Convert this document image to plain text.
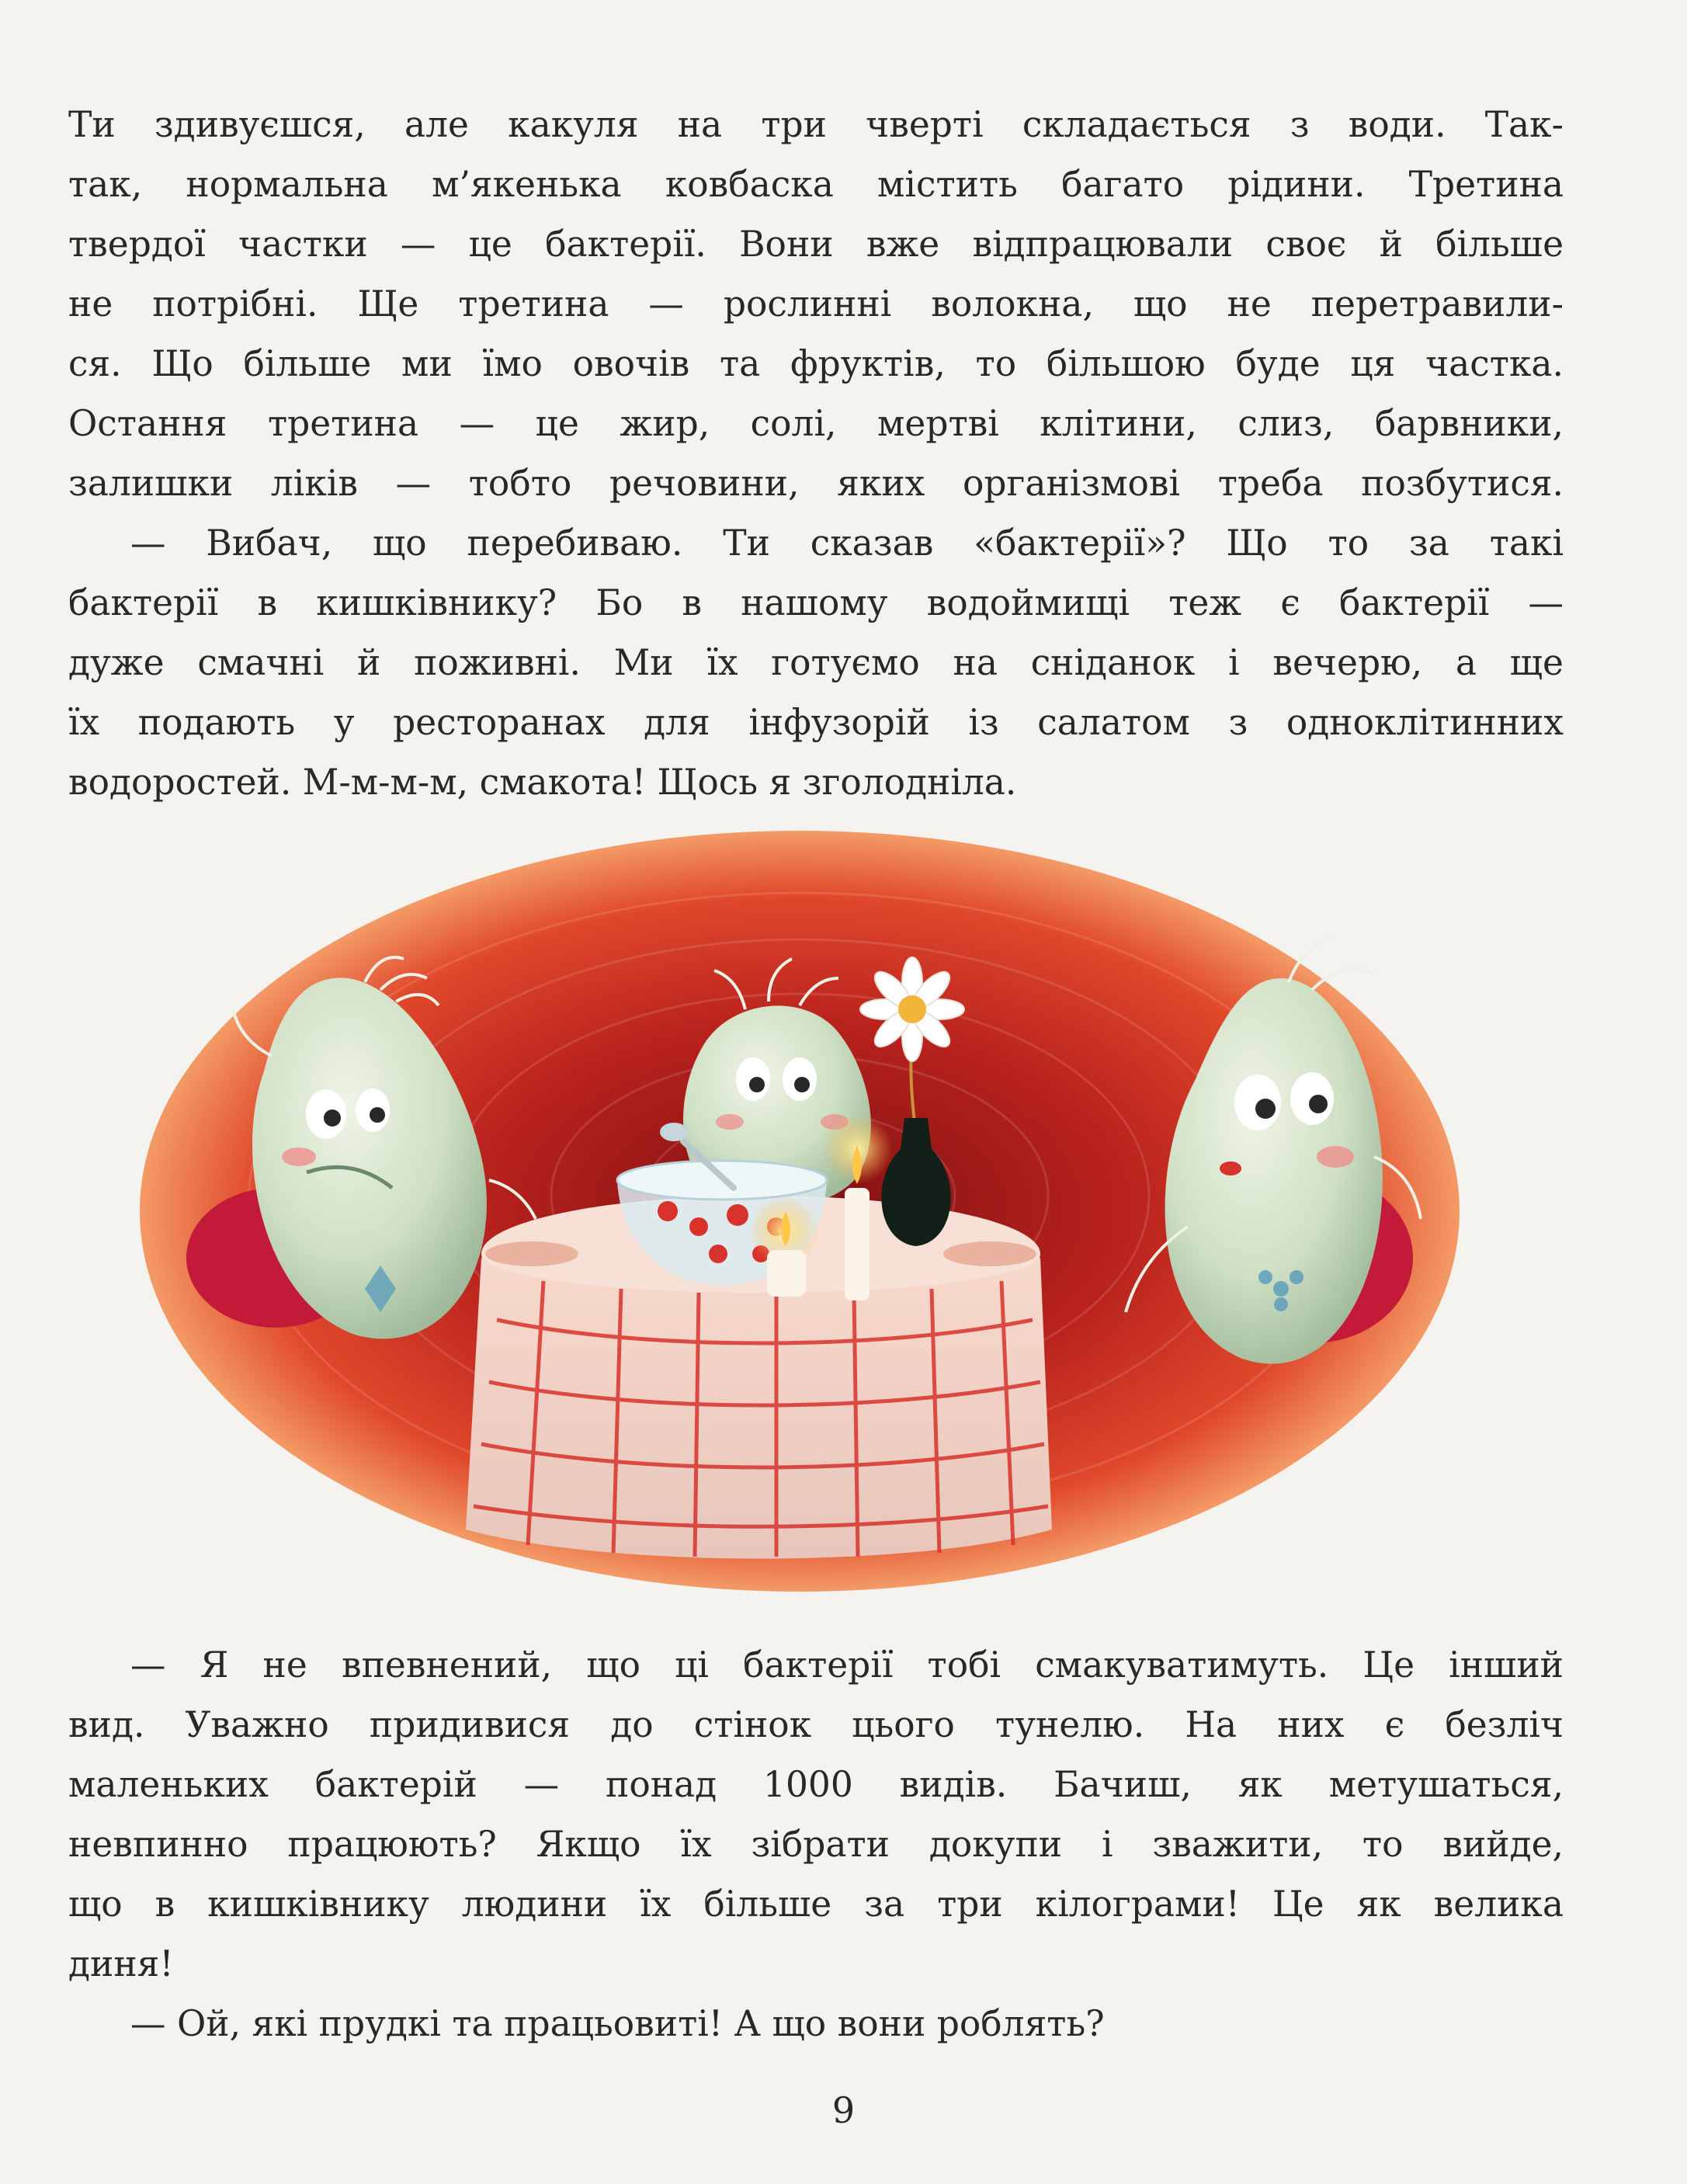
Ти здивуєшся, але какуля на три чверті складається з води. Так-
так, нормальна м’якенька ковбаска містить багато рідини. Третина
твердої частки — це бактерії. Вони вже відпрацювали своє й більше
не потрібні. Ще третина — рослинні волокна, що не перетравили-
ся. Що більше ми їмо овочів та фруктів, то більшою буде ця частка.
Остання третина — це жир, солі, мертві клітини, слиз, барвники,
залишки ліків — тобто речовини, яких організмові треба позбутися.
— Вибач, що перебиваю. Ти сказав «бактерії»? Що то за такі
бактерії в кишківнику? Бо в нашому водоймищі теж є бактерії —
дуже смачні й поживні. Ми їх готуємо на сніданок і вечерю, а ще
їх подають у ресторанах для інфузорій із салатом з одноклітинних
водоростей. М-м-м-м, смакота! Щось я зголодніла.
— Я не впевнений, що ці бактерії тобі смакуватимуть. Це інший
вид. Уважно придивися до стінок цього тунелю. На них є безліч
маленьких бактерій — понад 1000 видів. Бачиш, як метушаться,
невпинно працюють? Якщо їх зібрати докупи і зважити, то вийде,
що в кишківнику людини їх більше за три кілограми! Це як велика
диня!
— Ой, які прудкі та працьовиті! А що вони роблять?
9
